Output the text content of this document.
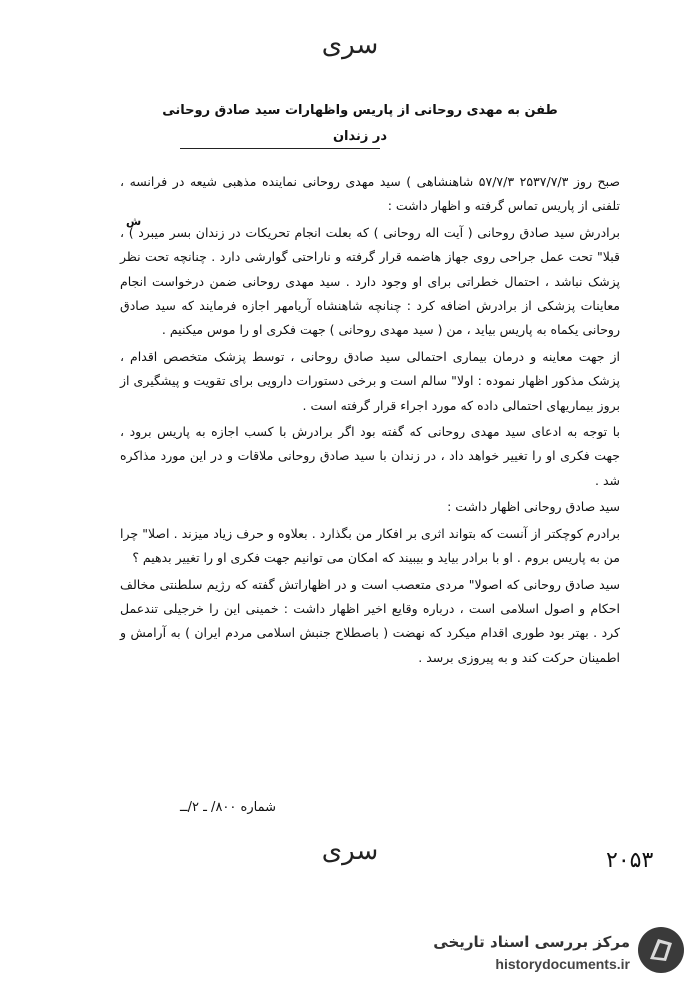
سری
طفن به مهدی روحانی از پاریس واظهارات سید صادق روحانی
در زندان
ش

صبح روز ۲۵۳۷/۷/۳ ۵۷/۷/۳ شاهنشاهی ) سید مهدی روحانی نماینده مذهبی شیعه در فرانسه ، تلفنی از پاریس تماس گرفته و اظهار داشت :

برادرش سید صادق روحانی ( آیت اله روحانی ) که بعلت انجام تحریکات در زندان بسر میبرد ) ، قبلا" تحت عمل جراحی روی جهاز هاضمه قرار گرفته و ناراحتی گوارشی دارد . چنانچه تحت نظر پزشک نباشد ، احتمال خطراتی برای او وجود دارد . سید مهدی روحانی ضمن درخواست انجام معاینات پزشکی از برادرش اضافه کرد : چنانچه شاهنشاه آریامهر اجازه فرمایند که سید صادق روحانی یکماه به پاریس بیاید ، من ( سید مهدی روحانی ) جهت فکری او را موس میکنیم .

از جهت معاینه و درمان بیماری احتمالی سید صادق روحانی ، توسط پزشک متخصص اقدام ، پزشک مذکور اظهار نموده : اولا" سالم است و برخی دستورات دارویی برای تقویت و پیشگیری از بروز بیماریهای احتمالی داده که مورد اجراء قرار گرفته است .

با توجه به ادعای سید مهدی روحانی که گفته بود اگر برادرش با کسب اجازه به پاریس برود ، جهت فکری او را تغییر خواهد داد ، در زندان با سید صادق روحانی ملاقات و در این مورد مذاکره شد .

سید صادق روحانی اظهار داشت :

برادرم کوچکتر از آنست که بتواند اثری بر افکار من بگذارد . بعلاوه و حرف زیاد میزند . اصلا" چرا من به پاریس بروم . او با برادر بیاید و بیبیند که امکان می توانیم جهت فکری او را تغییر بدهیم ؟

سید صادق روحانی که اصولا" مردی متعصب است و در اظهاراتش گفته که رژیم سلطنتی مخالف احکام و اصول اسلامی است ، درباره وقایع اخیر اظهار داشت : خمینی این را خرجیلی تندعمل کرد . بهتر بود طوری اقدام میکرد که نهضت ( باصطلاح جنبش اسلامی مردم ایران ) به آرامش و اطمینان حرکت کند و به پیروزی برسد .

شماره ۸۰۰/ ـ ۲/ــ
سری	۲۰۵۳
مرکز بررسی اسناد تاریخی
historydocuments.ir
